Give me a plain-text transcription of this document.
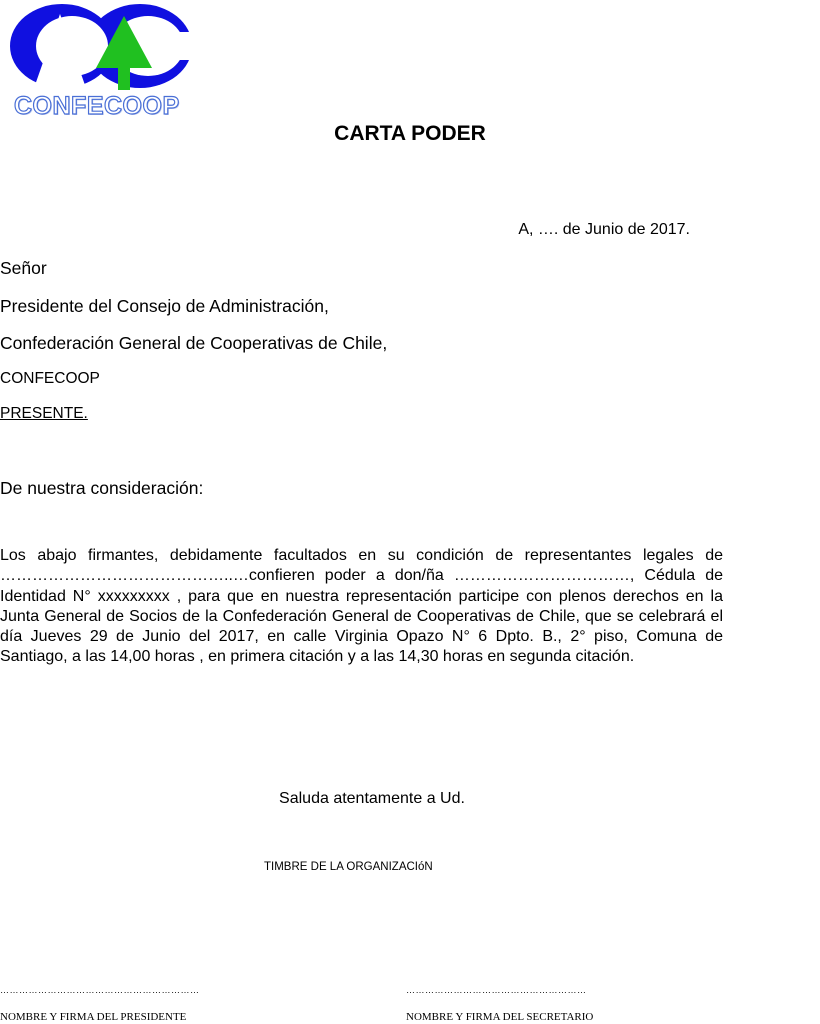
CONFECOOP
CARTA PODER
A, …. de Junio de 2017.
Señor
Presidente del Consejo de Administración,
Confederación General de Cooperativas de Chile,
CONFECOOP
PRESENTE.
De nuestra consideración:
Los abajo firmantes, debidamente facultados en su condición de representantes legales de ……………………………………..…confieren poder a don/ña ……………………………, Cédula de Identidad N° xxxxxxxxx , para que en nuestra representación participe con plenos derechos en la Junta General de Socios de la Confederación General de Cooperativas de Chile, que se celebrará el día Jueves 29 de Junio del 2017, en calle Virginia Opazo N° 6 Dpto. B., 2° piso, Comuna de Santiago, a las 14,00 horas , en primera citación y a las 14,30 horas en segunda citación.
Saluda atentamente a Ud.
TIMBRE DE LA ORGANIZACIóN
………………………………………………………	…………………………………………………
NOMBRE Y FIRMA DEL PRESIDENTE	NOMBRE Y FIRMA DEL SECRETARIO
